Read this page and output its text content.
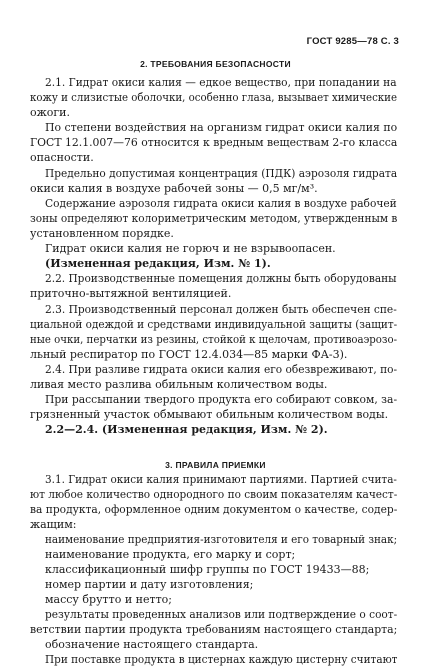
ГОСТ 9285—78 С. 3
2. ТРЕБОВАНИЯ БЕЗОПАСНОСТИ
3. ПРАВИЛА ПРИЕМКИ
2.1. Гидрат окиси калия — едкое вещество, при попадании на
кожу и слизистые оболочки, особенно глаза, вызывает химические
ожоги.
По степени воздействия на организм гидрат окиси калия по
ГОСТ 12.1.007—76 относится к вредным веществам 2-го класса
опасности.
Предельно допустимая концентрация (ПДК) аэрозоля гидрата
окиси калия в воздухе рабочей зоны — 0,5 мг/м³.
Содержание аэрозоля гидрата окиси калия в воздухе рабочей
зоны определяют колориметрическим методом, утвержденным в
установленном порядке.
Гидрат окиси калия не горюч и не взрывоопасен.
(Измененная редакция, Изм. № 1).
2.2. Производственные помещения должны быть оборудованы
приточно-вытяжной вентиляцией.
2.3. Производственный персонал должен быть обеспечен спе-
циальной одеждой и средствами индивидуальной защиты (защит-
ные очки, перчатки из резины, стойкой к щелочам, противоаэрозо-
льный респиратор по ГОСТ 12.4.034—85 марки ФА-3).
2.4. При разливе гидрата окиси калия его обезвреживают, по-
ливая место разлива обильным количеством воды.
При рассыпании твердого продукта его собирают совком, за-
грязненный участок обмывают обильным количеством воды.
2.2—2.4. (Измененная редакция, Изм. № 2).
3.1. Гидрат окиси калия принимают партиями. Партией счита-
ют любое количество однородного по своим показателям качест-
ва продукта, оформленное одним документом о качестве, содер-
жащим:
наименование предприятия-изготовителя и его товарный знак;
наименование продукта, его марку и сорт;
классификационный шифр группы по ГОСТ 19433—88;
номер партии и дату изготовления;
массу брутто и нетто;
результаты проведенных анализов или подтверждение о соот-
ветствии партии продукта требованиям настоящего стандарта;
обозначение настоящего стандарта.
При поставке продукта в цистернах каждую цистерну считают
